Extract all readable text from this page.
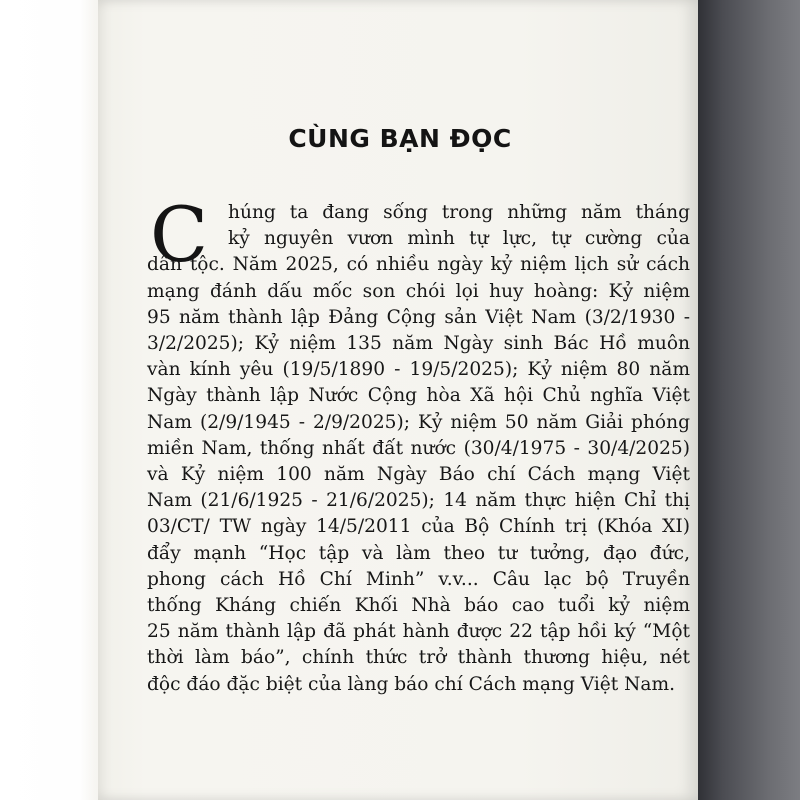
CÙNG BẠN ĐỌC
C	húng ta đang sống trong những năm tháng
kỷ nguyên vươn mình tự lực, tự cường của
dân tộc. Năm 2025, có nhiều ngày kỷ niệm lịch sử cách
mạng đánh dấu mốc son chói lọi huy hoàng: Kỷ niệm
95 năm thành lập Đảng Cộng sản Việt Nam (3/2/1930 -
3/2/2025); Kỷ niệm 135 năm Ngày sinh Bác Hồ muôn
vàn kính yêu (19/5/1890 - 19/5/2025); Kỷ niệm 80 năm
Ngày thành lập Nước Cộng hòa Xã hội Chủ nghĩa Việt
Nam (2/9/1945 - 2/9/2025); Kỷ niệm 50 năm Giải phóng
miền Nam, thống nhất đất nước (30/4/1975 - 30/4/2025)
và Kỷ niệm 100 năm Ngày Báo chí Cách mạng Việt
Nam (21/6/1925 - 21/6/2025); 14 năm thực hiện Chỉ thị
03/CT/ TW ngày 14/5/2011 của Bộ Chính trị (Khóa XI)
đẩy mạnh “Học tập và làm theo tư tưởng, đạo đức,
phong cách Hồ Chí Minh” v.v... Câu lạc bộ Truyền
thống Kháng chiến Khối Nhà báo cao tuổi kỷ niệm
25 năm thành lập đã phát hành được 22 tập hồi ký “Một
thời làm báo”, chính thức trở thành thương hiệu, nét
độc đáo đặc biệt của làng báo chí Cách mạng Việt Nam.
